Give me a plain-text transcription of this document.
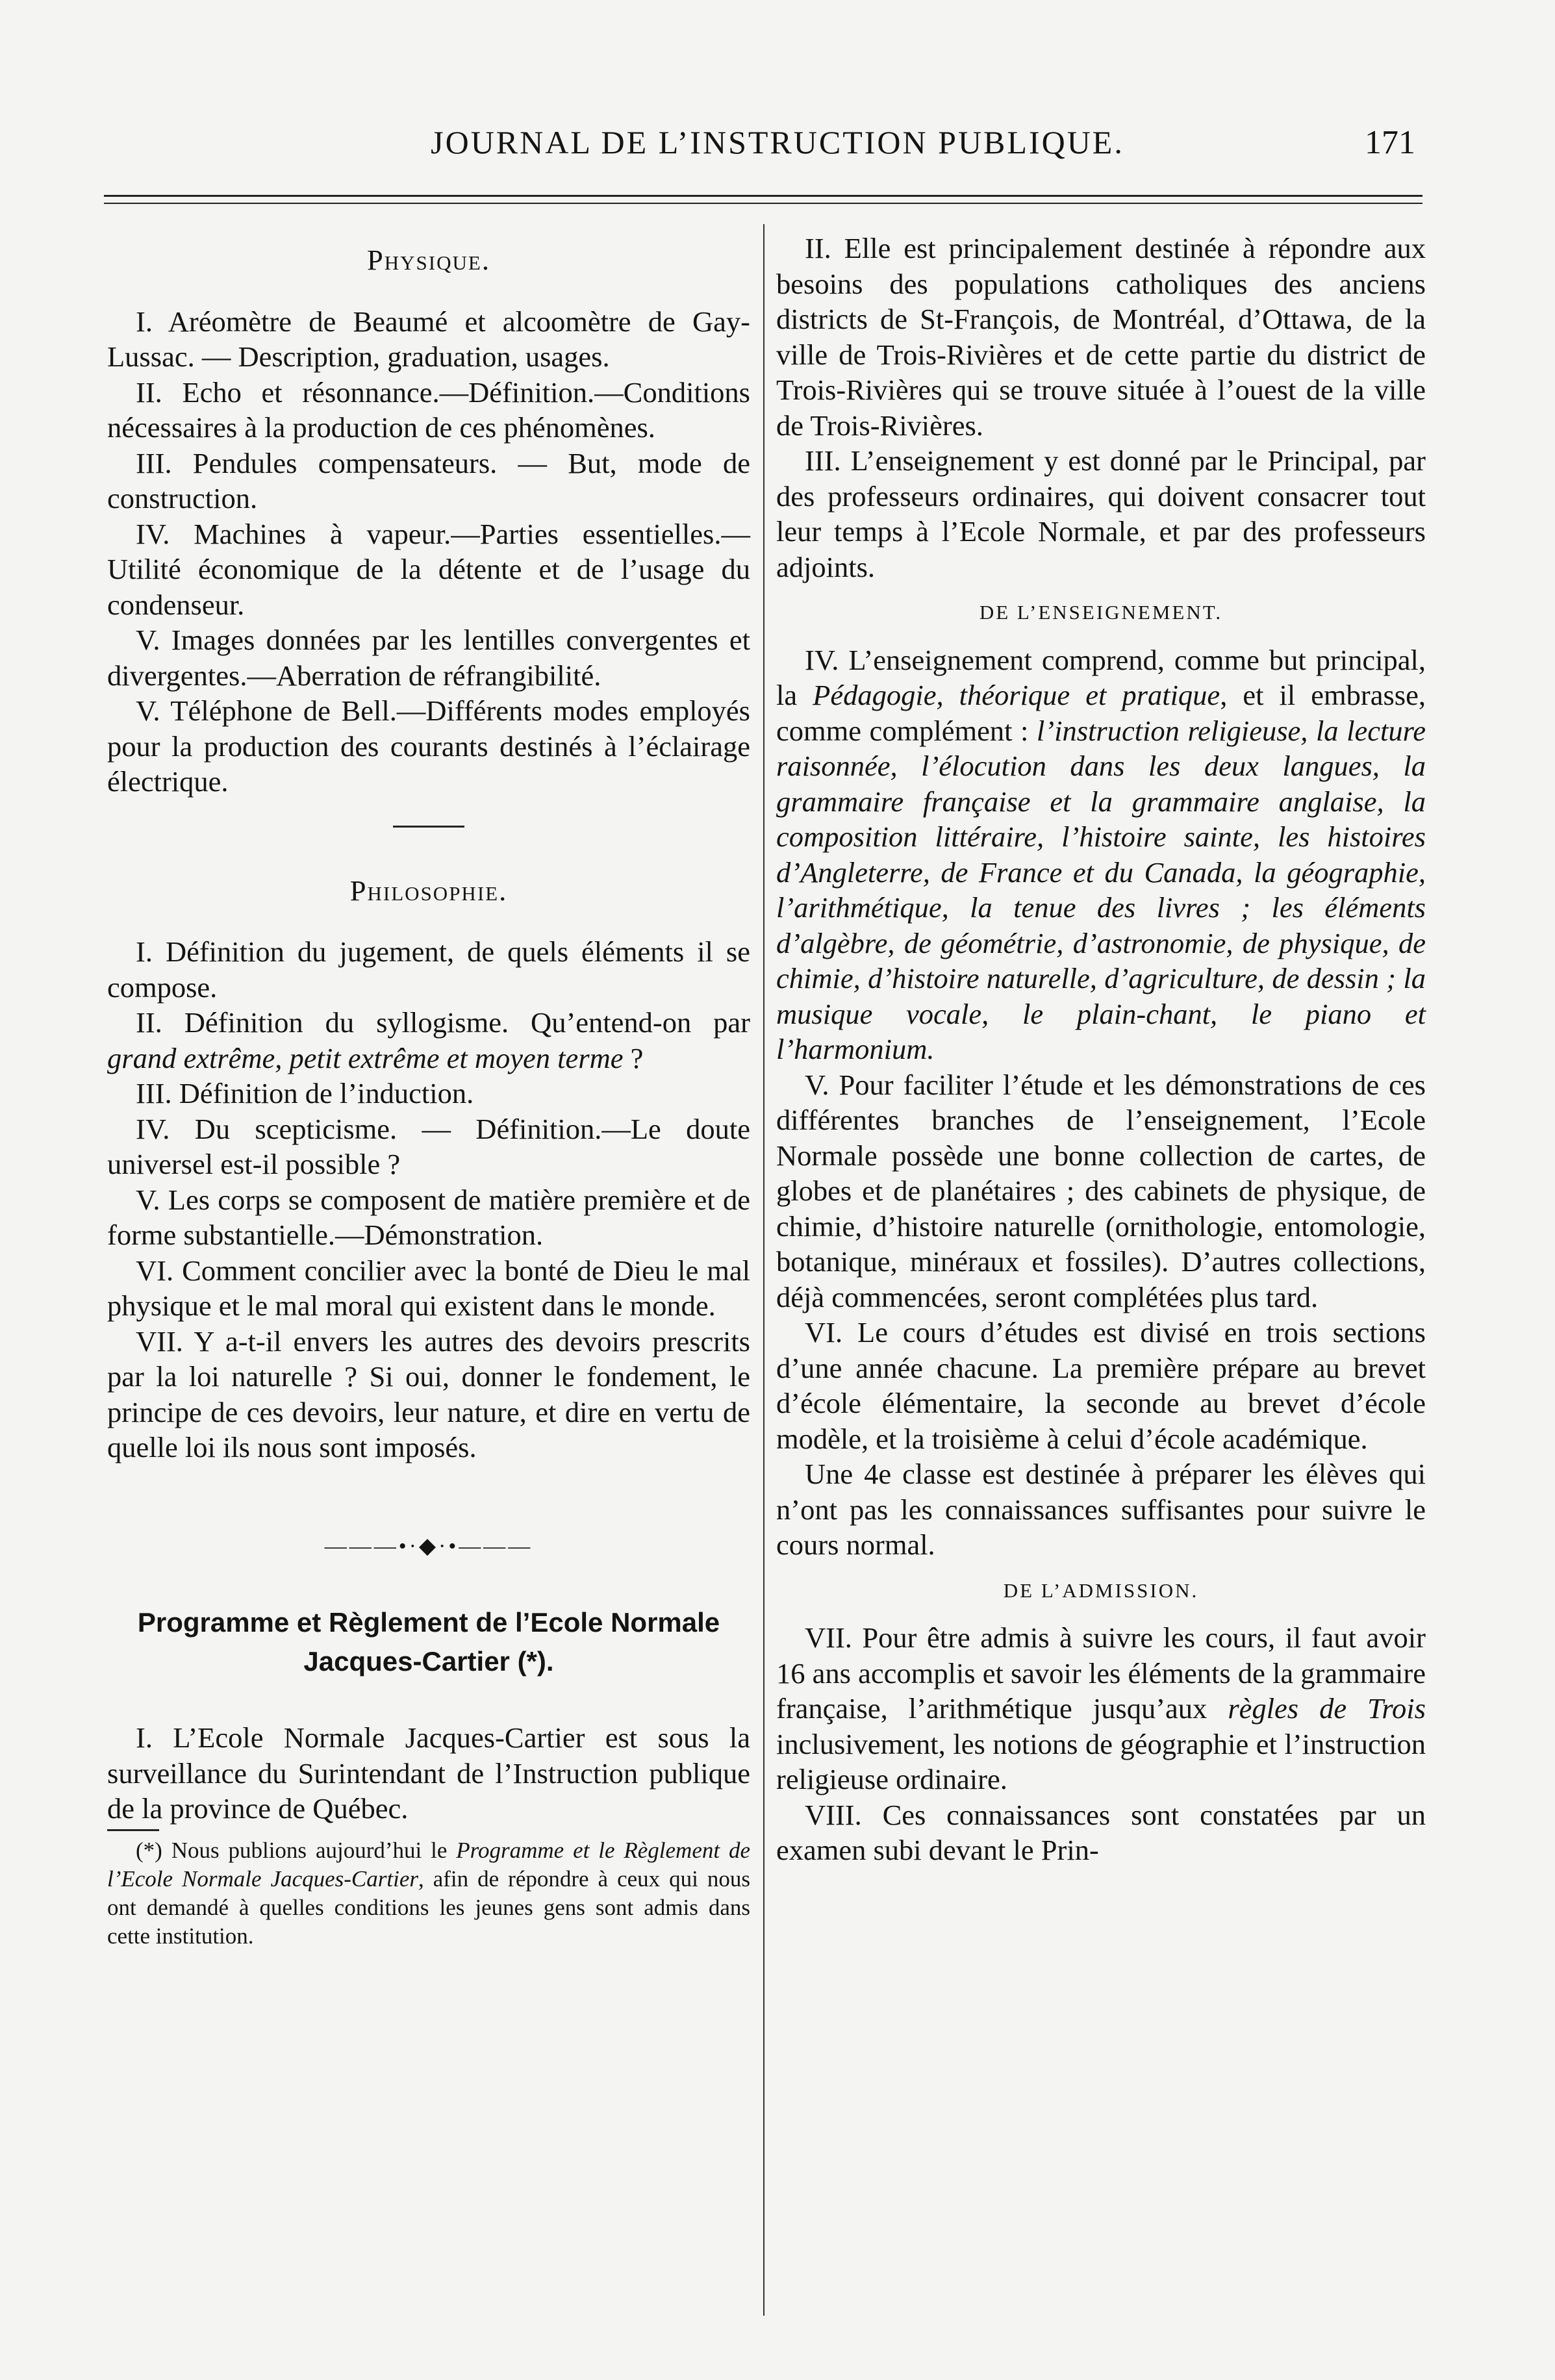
JOURNAL DE L’INSTRUCTION PUBLIQUE.	171
Physique.

I. Aréomètre de Beaumé et alcoomètre de Gay-Lussac. — Description, graduation, usages.

II. Echo et résonnance.—Définition.—Conditions nécessaires à la production de ces phénomènes.

III. Pendules compensateurs. — But, mode de construction.

IV. Machines à vapeur.—Parties essentielles.—Utilité économique de la détente et de l’usage du condenseur.

V. Images données par les lentilles convergentes et divergentes.—Aberration de réfrangibilité.

V. Téléphone de Bell.—Différents modes employés pour la production des courants destinés à l’éclairage électrique.

Philosophie.

I. Définition du jugement, de quels éléments il se compose.

II. Définition du syllogisme. Qu’entend-on par grand extrême, petit extrême et moyen terme ?

III. Définition de l’induction.

IV. Du scepticisme. — Définition.—Le doute universel est-il possible ?

V. Les corps se composent de matière première et de forme substantielle.—Démonstration.

VI. Comment concilier avec la bonté de Dieu le mal physique et le mal moral qui existent dans le monde.

VII. Y a-t-il envers les autres des devoirs prescrits par la loi naturelle ? Si oui, donner le fondement, le principe de ces devoirs, leur nature, et dire en vertu de quelle loi ils nous sont imposés.

———•·◆·•———
Programme et Règlement de l’Ecole Normale Jacques-Cartier (*).

I. L’Ecole Normale Jacques-Cartier est sous la surveillance du Surintendant de l’Instruction publique de la province de Québec.

(*) Nous publions aujourd’hui le Programme et le Règlement de l’Ecole Normale Jacques-Cartier, afin de répondre à ceux qui nous ont demandé à quelles conditions les jeunes gens sont admis dans cette institution.

II. Elle est principalement destinée à répondre aux besoins des populations catholiques des anciens districts de St-François, de Montréal, d’Ottawa, de la ville de Trois-Rivières et de cette partie du district de Trois-Rivières qui se trouve située à l’ouest de la ville de Trois-Rivières.

III. L’enseignement y est donné par le Principal, par des professeurs ordinaires, qui doivent consacrer tout leur temps à l’Ecole Normale, et par des professeurs adjoints.

DE L’ENSEIGNEMENT.

IV. L’enseignement comprend, comme but principal, la Pédagogie, théorique et pratique, et il embrasse, comme complément : l’instruction religieuse, la lecture raisonnée, l’élocution dans les deux langues, la grammaire française et la grammaire anglaise, la composition littéraire, l’histoire sainte, les histoires d’Angleterre, de France et du Canada, la géographie, l’arithmétique, la tenue des livres ; les éléments d’algèbre, de géométrie, d’astronomie, de physique, de chimie, d’histoire naturelle, d’agriculture, de dessin ; la musique vocale, le plain-chant, le piano et l’harmonium.

V. Pour faciliter l’étude et les démonstrations de ces différentes branches de l’enseignement, l’Ecole Normale possède une bonne collection de cartes, de globes et de planétaires ; des cabinets de physique, de chimie, d’histoire naturelle (ornithologie, entomologie, botanique, minéraux et fossiles). D’autres collections, déjà commencées, seront complétées plus tard.

VI. Le cours d’études est divisé en trois sections d’une année chacune. La première prépare au brevet d’école élémentaire, la seconde au brevet d’école modèle, et la troisième à celui d’école académique.

Une 4e classe est destinée à préparer les élèves qui n’ont pas les connaissances suffisantes pour suivre le cours normal.

DE L’ADMISSION.

VII. Pour être admis à suivre les cours, il faut avoir 16 ans accomplis et savoir les éléments de la grammaire française, l’arithmétique jusqu’aux règles de Trois inclusivement, les notions de géographie et l’instruction religieuse ordinaire.

VIII. Ces connaissances sont constatées par un examen subi devant le Prin-
